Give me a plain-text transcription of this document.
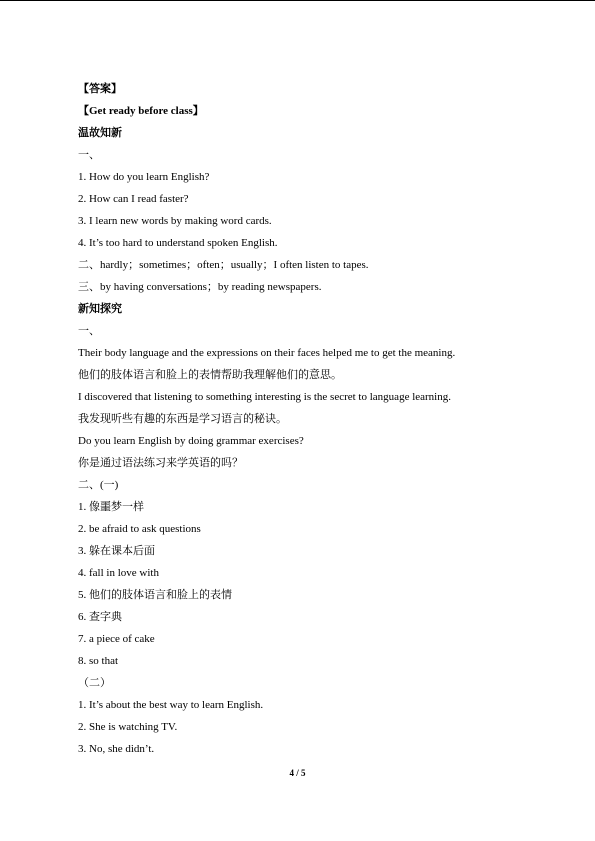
【答案】
【Get ready before class】
温故知新
一、
1. How do you learn English?
2. How can I read faster?
3. I learn new words by making word cards.
4. It’s too hard to understand spoken English.
二、hardly；sometimes；often；usually；I often listen to tapes.
三、by having conversations；by reading newspapers.
新知探究
一、
Their body language and the expressions on their faces helped me to get the meaning.
他们的肢体语言和脸上的表情帮助我理解他们的意思。
I discovered that listening to something interesting is the secret to language learning.
我发现听些有趣的东西是学习语言的秘诀。
Do you learn English by doing grammar exercises?
你是通过语法练习来学英语的吗？
二、(一)
1. 像噩梦一样
2. be afraid to ask questions
3. 躲在课本后面
4. fall in love with
5. 他们的肢体语言和脸上的表情
6. 查字典
7. a piece of cake
8. so that
（二）
1. It’s about the best way to learn English.
2. She is watching TV.
3. No, she didn’t.
4 / 5
